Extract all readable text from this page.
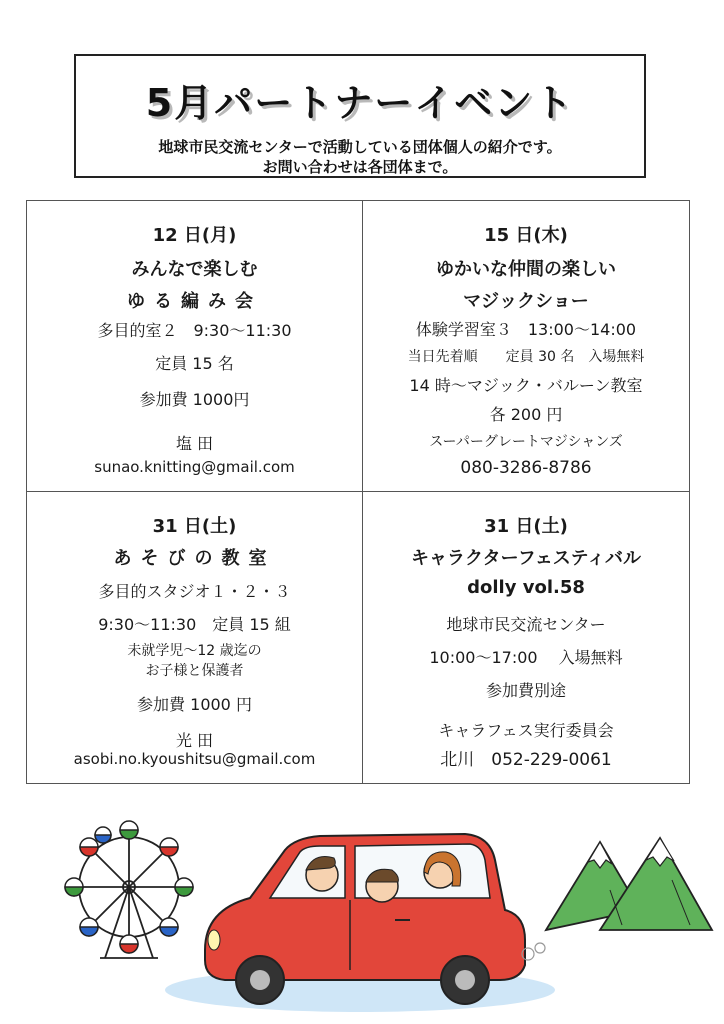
5月パートナーイベント
地球市民交流センターで活動している団体個人の紹介です。
お問い合わせは各団体まで。
12 日(月)
みんなで楽しむ
ゆる編み会
多目的室２　9:30〜11:30
定員 15 名
参加費 1000円
塩 田
sunao.knitting@gmail.com
15 日(木)
ゆかいな仲間の楽しい
マジックショー
体験学習室３　13:00〜14:00
当日先着順　　定員 30 名　入場無料
14 時〜マジック・バルーン教室
各 200 円
スーパーグレートマジシャンズ
080-3286-8786
31 日(土)
あそびの教室
多目的スタジオ１・２・３
9:30〜11:30　定員 15 組
未就学児〜12 歳迄の
お子様と保護者
参加費 1000 円
光 田
asobi.no.kyoushitsu@gmail.com
31 日(土)
キャラクターフェスティバル
dolly vol.58
地球市民交流センター
10:00〜17:00　 入場無料
参加費別途
キャラフェス実行委員会
北川　052-229-0061
